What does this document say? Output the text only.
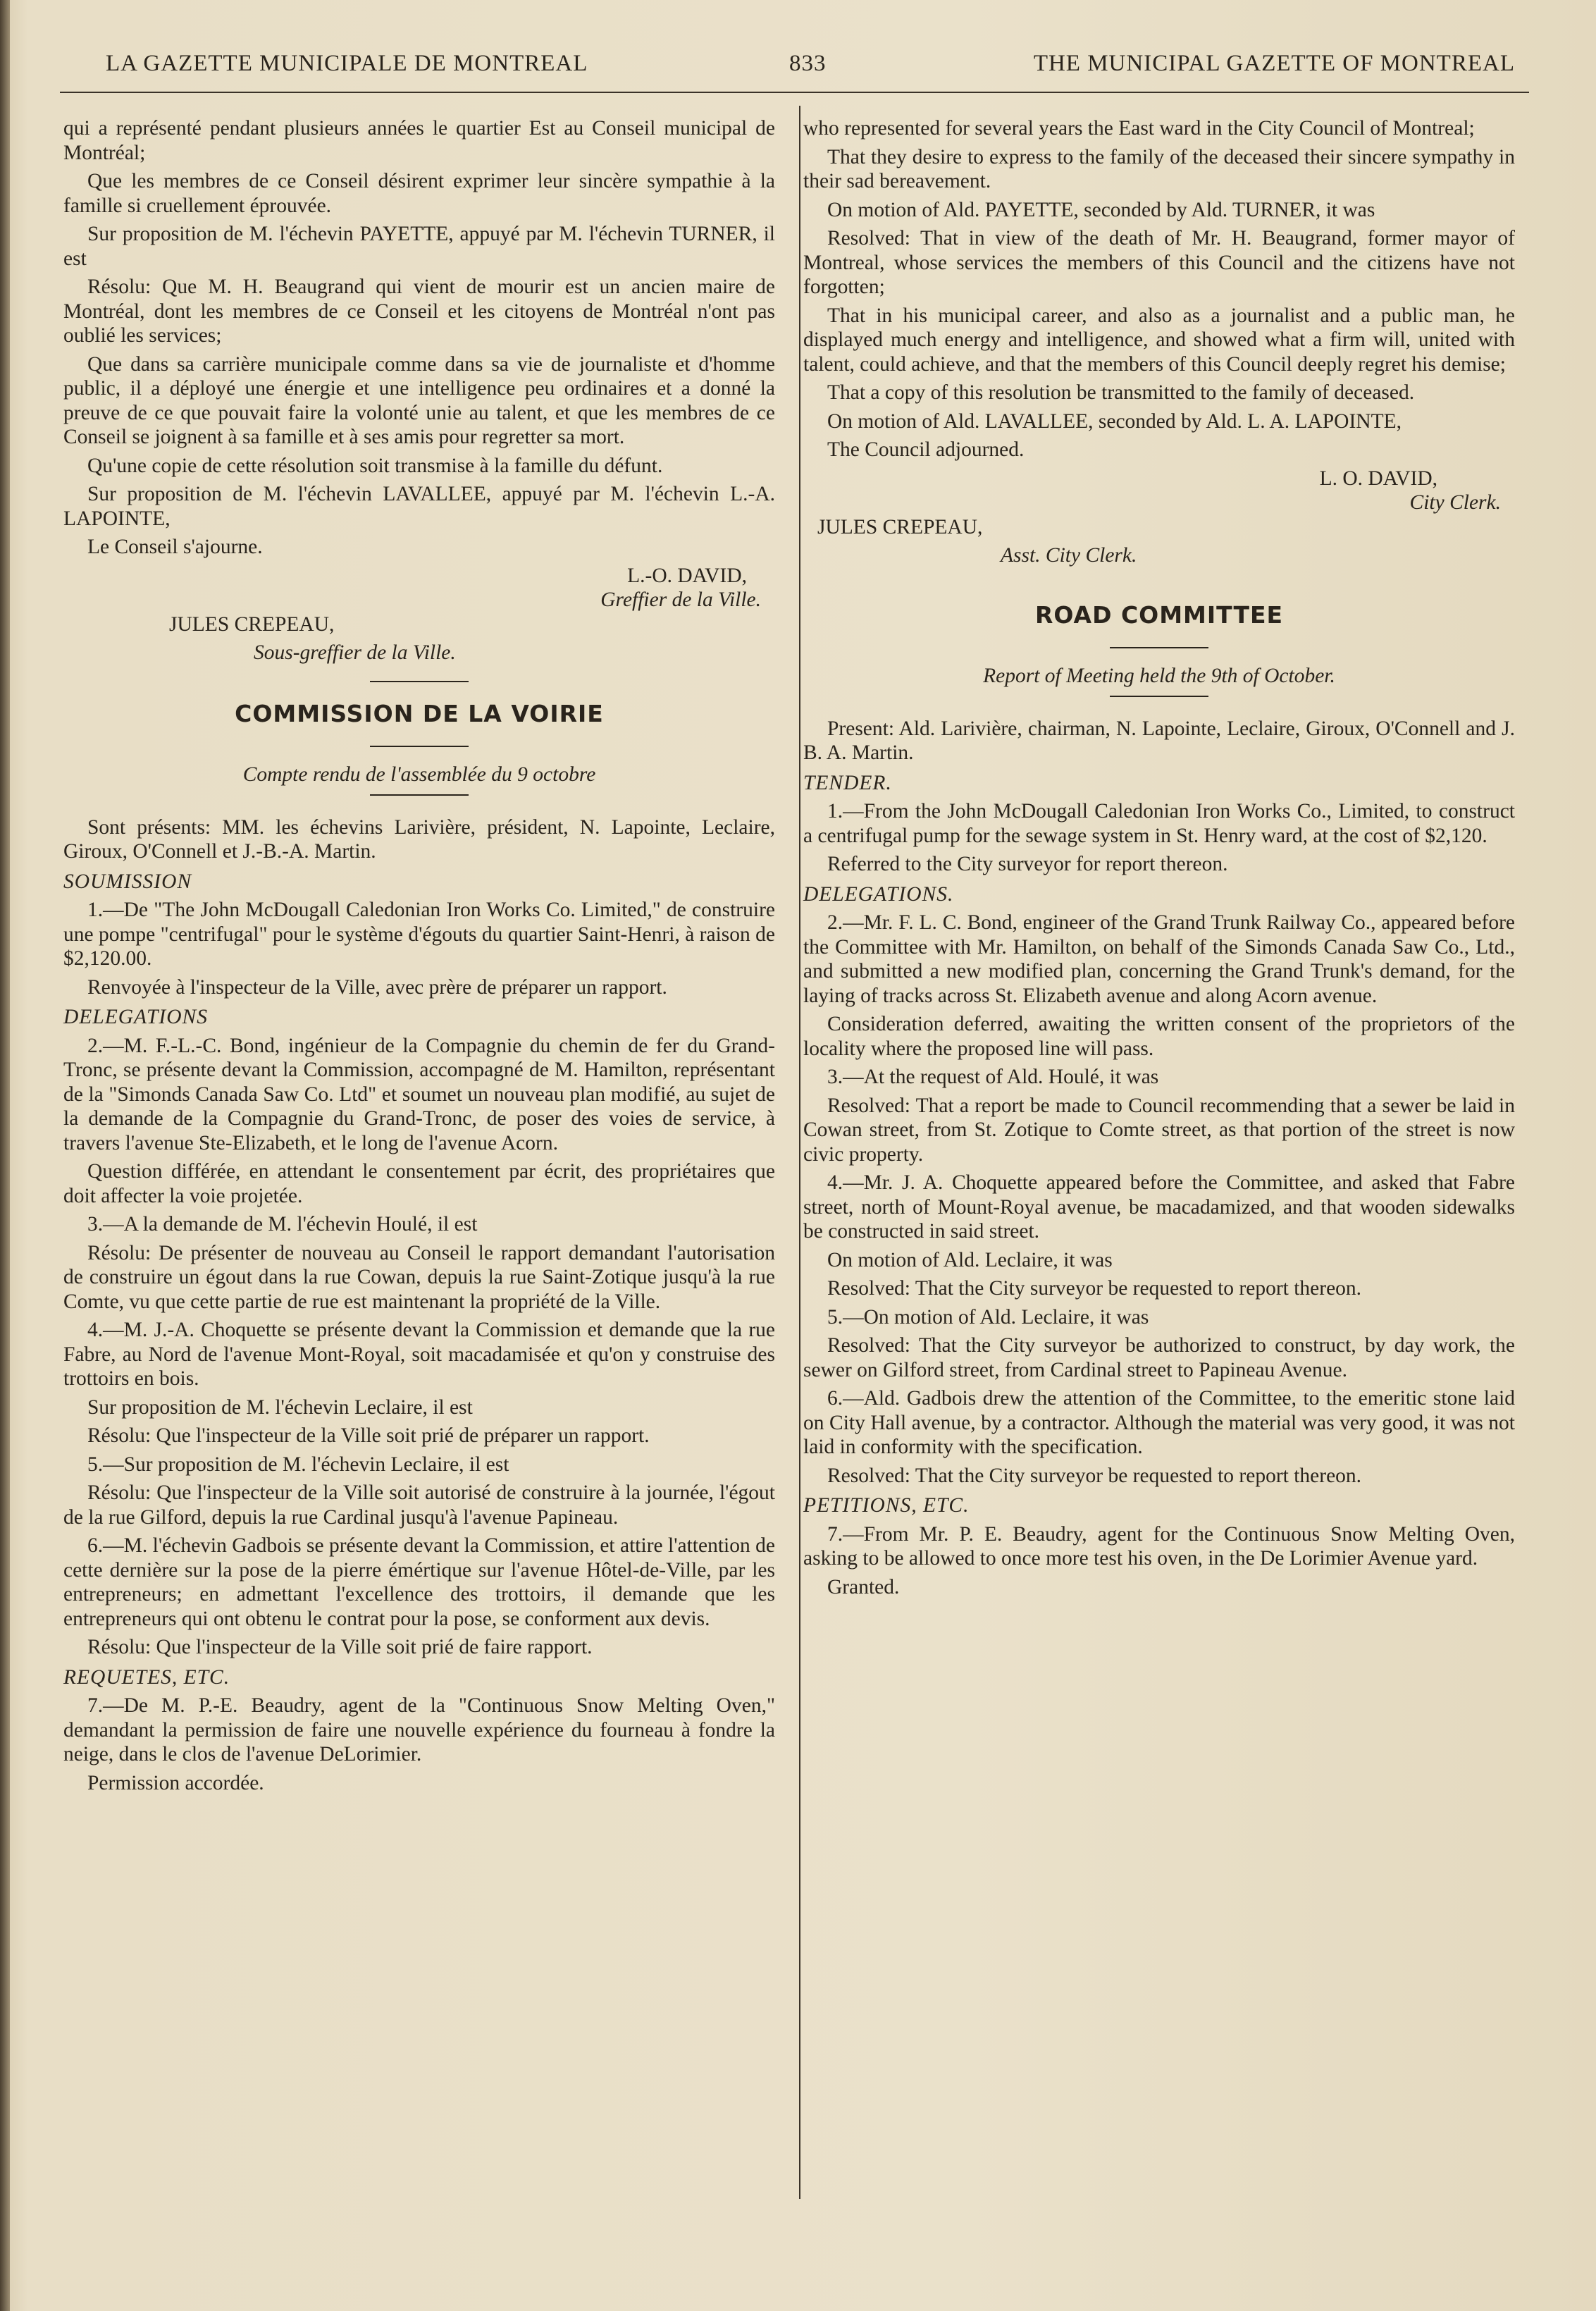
LA GAZETTE MUNICIPALE DE MONTREAL	833	THE MUNICIPAL GAZETTE OF MONTREAL

qui a représenté pendant plusieurs années le quartier Est au Conseil municipal de Montréal;

Que les membres de ce Conseil désirent exprimer leur sincère sympathie à la famille si cruellement éprouvée.

Sur proposition de M. l'échevin PAYETTE, appuyé par M. l'échevin TURNER, il est

Résolu: Que M. H. Beaugrand qui vient de mourir est un ancien maire de Montréal, dont les membres de ce Conseil et les citoyens de Montréal n'ont pas oublié les services;

Que dans sa carrière municipale comme dans sa vie de journaliste et d'homme public, il a déployé une énergie et une intelligence peu ordinaires et a donné la preuve de ce que pouvait faire la volonté unie au talent, et que les membres de ce Conseil se joignent à sa famille et à ses amis pour regretter sa mort.

Qu'une copie de cette résolution soit transmise à la famille du défunt.

Sur proposition de M. l'échevin LAVALLEE, appuyé par M. l'échevin L.-A. LAPOINTE,

Le Conseil s'ajourne.

L.-O. DAVID,

Greffier de la Ville.

JULES CREPEAU,

Sous-greffier de la Ville.

COMMISSION DE LA VOIRIE

Compte rendu de l'assemblée du 9 octobre

Sont présents: MM. les échevins Larivière, président, N. Lapointe, Leclaire, Giroux, O'Connell et J.-B.-A. Martin.

SOUMISSION

1.—De "The John McDougall Caledonian Iron Works Co. Limited," de construire une pompe "centrifugal" pour le système d'égouts du quartier Saint-Henri, à raison de $2,120.00.

Renvoyée à l'inspecteur de la Ville, avec prère de préparer un rapport.

DELEGATIONS

2.—M. F.-L.-C. Bond, ingénieur de la Compagnie du chemin de fer du Grand-Tronc, se présente devant la Commission, accompagné de M. Hamilton, représentant de la "Simonds Canada Saw Co. Ltd" et soumet un nouveau plan modifié, au sujet de la demande de la Compagnie du Grand-Tronc, de poser des voies de service, à travers l'avenue Ste-Elizabeth, et le long de l'avenue Acorn.

Question différée, en attendant le consentement par écrit, des propriétaires que doit affecter la voie projetée.

3.—A la demande de M. l'échevin Houlé, il est

Résolu: De présenter de nouveau au Conseil le rapport demandant l'autorisation de construire un égout dans la rue Cowan, depuis la rue Saint-Zotique jusqu'à la rue Comte, vu que cette partie de rue est maintenant la propriété de la Ville.

4.—M. J.-A. Choquette se présente devant la Commission et demande que la rue Fabre, au Nord de l'avenue Mont-Royal, soit macadamisée et qu'on y construise des trottoirs en bois.

Sur proposition de M. l'échevin Leclaire, il est

Résolu: Que l'inspecteur de la Ville soit prié de préparer un rapport.

5.—Sur proposition de M. l'échevin Leclaire, il est

Résolu: Que l'inspecteur de la Ville soit autorisé de construire à la journée, l'égout de la rue Gilford, depuis la rue Cardinal jusqu'à l'avenue Papineau.

6.—M. l'échevin Gadbois se présente devant la Commission, et attire l'attention de cette dernière sur la pose de la pierre émértique sur l'avenue Hôtel-de-Ville, par les entrepreneurs; en admettant l'excellence des trottoirs, il demande que les entrepreneurs qui ont obtenu le contrat pour la pose, se conforment aux devis.

Résolu: Que l'inspecteur de la Ville soit prié de faire rapport.

REQUETES, ETC.

7.—De M. P.-E. Beaudry, agent de la "Continuous Snow Melting Oven," demandant la permission de faire une nouvelle expérience du fourneau à fondre la neige, dans le clos de l'avenue DeLorimier.

Permission accordée.

who represented for several years the East ward in the City Council of Montreal;

That they desire to express to the family of the deceased their sincere sympathy in their sad bereavement.

On motion of Ald. PAYETTE, seconded by Ald. TURNER, it was

Resolved: That in view of the death of Mr. H. Beaugrand, former mayor of Montreal, whose services the members of this Council and the citizens have not forgotten;

That in his municipal career, and also as a journalist and a public man, he displayed much energy and intelligence, and showed what a firm will, united with talent, could achieve, and that the members of this Council deeply regret his demise;

That a copy of this resolution be transmitted to the family of deceased.

On motion of Ald. LAVALLEE, seconded by Ald. L. A. LAPOINTE,

The Council adjourned.

L. O. DAVID,

City Clerk.

JULES CREPEAU,

Asst. City Clerk.

ROAD COMMITTEE

Report of Meeting held the 9th of October.

Present: Ald. Larivière, chairman, N. Lapointe, Leclaire, Giroux, O'Connell and J. B. A. Martin.

TENDER.

1.—From the John McDougall Caledonian Iron Works Co., Limited, to construct a centrifugal pump for the sewage system in St. Henry ward, at the cost of $2,120.

Referred to the City surveyor for report thereon.

DELEGATIONS.

2.—Mr. F. L. C. Bond, engineer of the Grand Trunk Railway Co., appeared before the Committee with Mr. Hamilton, on behalf of the Simonds Canada Saw Co., Ltd., and submitted a new modified plan, concerning the Grand Trunk's demand, for the laying of tracks across St. Elizabeth avenue and along Acorn avenue.

Consideration deferred, awaiting the written consent of the proprietors of the locality where the proposed line will pass.

3.—At the request of Ald. Houlé, it was

Resolved: That a report be made to Council recommending that a sewer be laid in Cowan street, from St. Zotique to Comte street, as that portion of the street is now civic property.

4.—Mr. J. A. Choquette appeared before the Committee, and asked that Fabre street, north of Mount-Royal avenue, be macadamized, and that wooden sidewalks be constructed in said street.

On motion of Ald. Leclaire, it was

Resolved: That the City surveyor be requested to report thereon.

5.—On motion of Ald. Leclaire, it was

Resolved: That the City surveyor be authorized to construct, by day work, the sewer on Gilford street, from Cardinal street to Papineau Avenue.

6.—Ald. Gadbois drew the attention of the Committee, to the emeritic stone laid on City Hall avenue, by a contractor. Although the material was very good, it was not laid in conformity with the specification.

Resolved: That the City surveyor be requested to report thereon.

PETITIONS, ETC.

7.—From Mr. P. E. Beaudry, agent for the Continuous Snow Melting Oven, asking to be allowed to once more test his oven, in the De Lorimier Avenue yard.

Granted.
